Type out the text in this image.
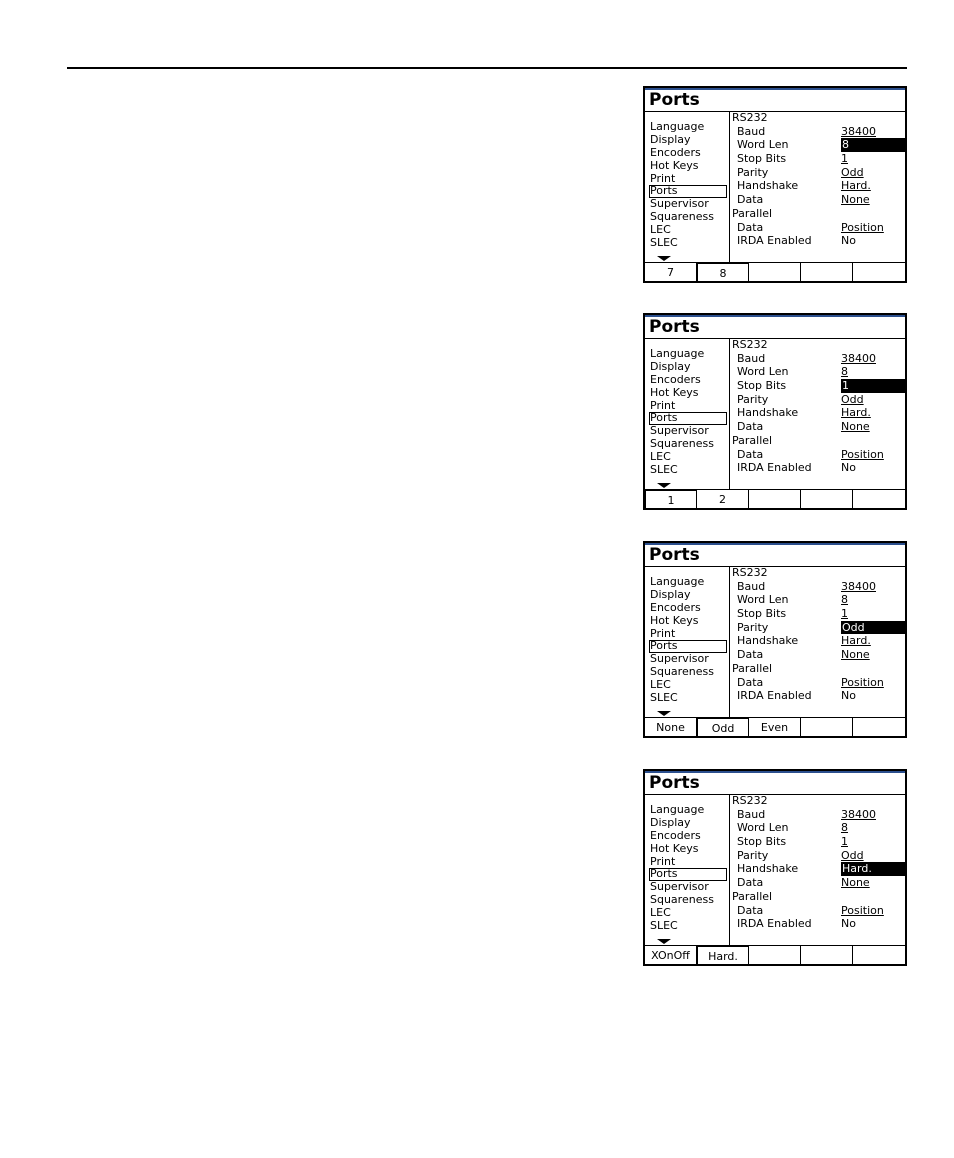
Ports
Language
Display
Encoders
Hot Keys
Print
Ports
Supervisor
Squareness
LEC
SLEC
RS232
Baud	38400
Word Len	8
Stop Bits	1
Parity	Odd
Handshake	Hard.
Data	None
Parallel
Data	Position
IRDA Enabled	No
7	8
Ports
Language
Display
Encoders
Hot Keys
Print
Ports
Supervisor
Squareness
LEC
SLEC
RS232
Baud	38400
Word Len	8
Stop Bits	1
Parity	Odd
Handshake	Hard.
Data	None
Parallel
Data	Position
IRDA Enabled	No
1	2
Ports
Language
Display
Encoders
Hot Keys
Print
Ports
Supervisor
Squareness
LEC
SLEC
RS232
Baud	38400
Word Len	8
Stop Bits	1
Parity	Odd
Handshake	Hard.
Data	None
Parallel
Data	Position
IRDA Enabled	No
None	Odd	Even
Ports
Language
Display
Encoders
Hot Keys
Print
Ports
Supervisor
Squareness
LEC
SLEC
RS232
Baud	38400
Word Len	8
Stop Bits	1
Parity	Odd
Handshake	Hard.
Data	None
Parallel
Data	Position
IRDA Enabled	No
XOnOff	Hard.
